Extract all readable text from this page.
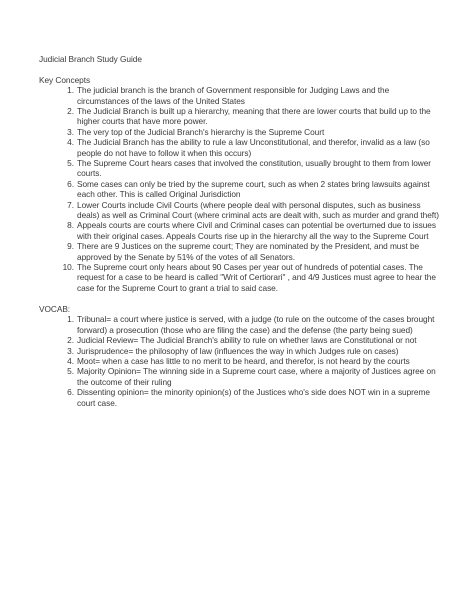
Judicial Branch Study Guide
Key Concepts
1. The judicial branch is the branch of Government responsible for Judging Laws and the circumstances of the laws of the United States
2. The Judicial Branch is built up a hierarchy, meaning that there are lower courts that build up to the higher courts that have more power.
3. The very top of the Judicial Branch's hierarchy is the Supreme Court
4. The Judicial Branch has the ability to rule a law Unconstitutional, and therefor, invalid as a law (so people do not have to follow it when this occurs)
5. The Supreme Court hears cases that involved the constitution, usually brought to them from lower courts.
6. Some cases can only be tried by the supreme court, such as when 2 states bring lawsuits against each other. This is called Original Jurisdiction
7. Lower Courts include Civil Courts (where people deal with personal disputes, such as business deals) as well as Criminal Court (where criminal acts are dealt with, such as murder and grand theft)
8. Appeals courts are courts where Civil and Criminal cases can potential be overturned due to issues with their original cases. Appeals Courts rise up in the hierarchy all the way to the Supreme Court
9. There are 9 Justices on the supreme court; They are nominated by the President, and must be approved by the Senate by 51% of the votes of all Senators.
10. The Supreme court only hears about 90 Cases per year out of hundreds of potential cases. The request for a case to be heard is called "Writ of Certiorari" , and 4/9 Justices must agree to hear the case for the Supreme Court to grant a trial to said case.
VOCAB:
1. Tribunal= a court where justice is served, with a judge (to rule on the outcome of the cases brought forward) a prosecution (those who are filing the case) and the defense (the party being sued)
2. Judicial Review= The Judicial Branch's ability to rule on whether laws are Constitutional or not
3. Jurisprudence= the philosophy of law (influences the way in which Judges rule on cases)
4. Moot= when a case has little to no merit to be heard, and therefor, is not heard by the courts
5. Majority Opinion= The winning side in a Supreme court case, where a majority of Justices agree on the outcome of their ruling
6. Dissenting opinion= the minority opinion(s) of the Justices who's side does NOT win in a supreme court case.
